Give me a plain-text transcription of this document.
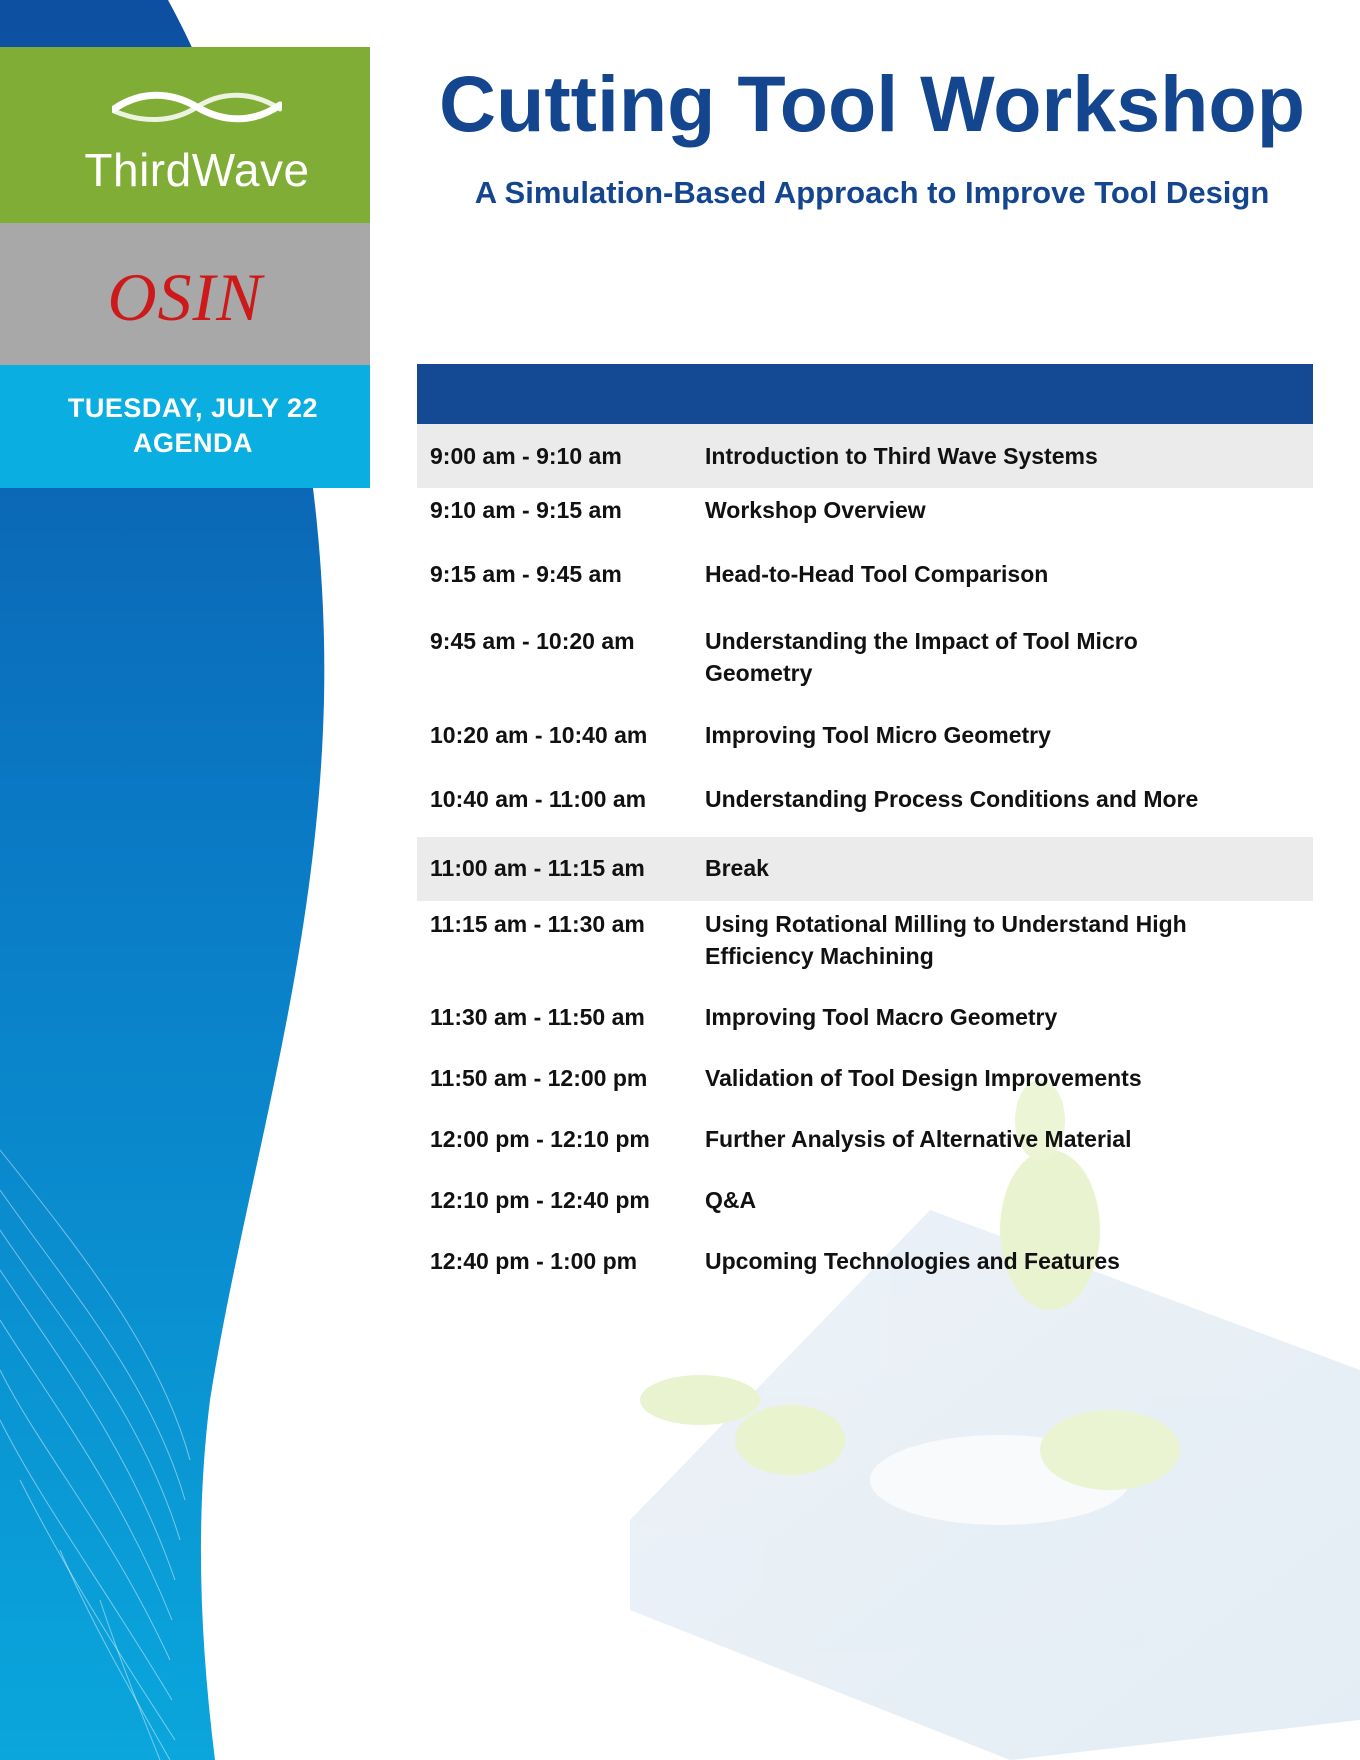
ThirdWave
OSIN
TUESDAY, JULY 22
AGENDA
Cutting Tool Workshop
A Simulation-Based Approach to Improve Tool Design
9:00 am - 9:10 am	Introduction to Third Wave Systems
9:10 am - 9:15 am	Workshop Overview
9:15 am - 9:45 am	Head-to-Head Tool Comparison
9:45 am - 10:20 am	Understanding the Impact of Tool Micro Geometry
10:20 am - 10:40 am	Improving Tool Micro Geometry
10:40 am - 11:00 am	Understanding Process Conditions and More
11:00 am - 11:15 am	Break
11:15 am - 11:30 am	Using Rotational Milling to Understand High Efficiency Machining
11:30 am - 11:50 am	Improving Tool Macro Geometry
11:50 am - 12:00 pm	Validation of Tool Design Improvements
12:00 pm - 12:10 pm Further Analysis of Alternative Material
12:10 pm - 12:40 pm Q&A
12:40 pm - 1:00 pm	Upcoming Technologies and Features
